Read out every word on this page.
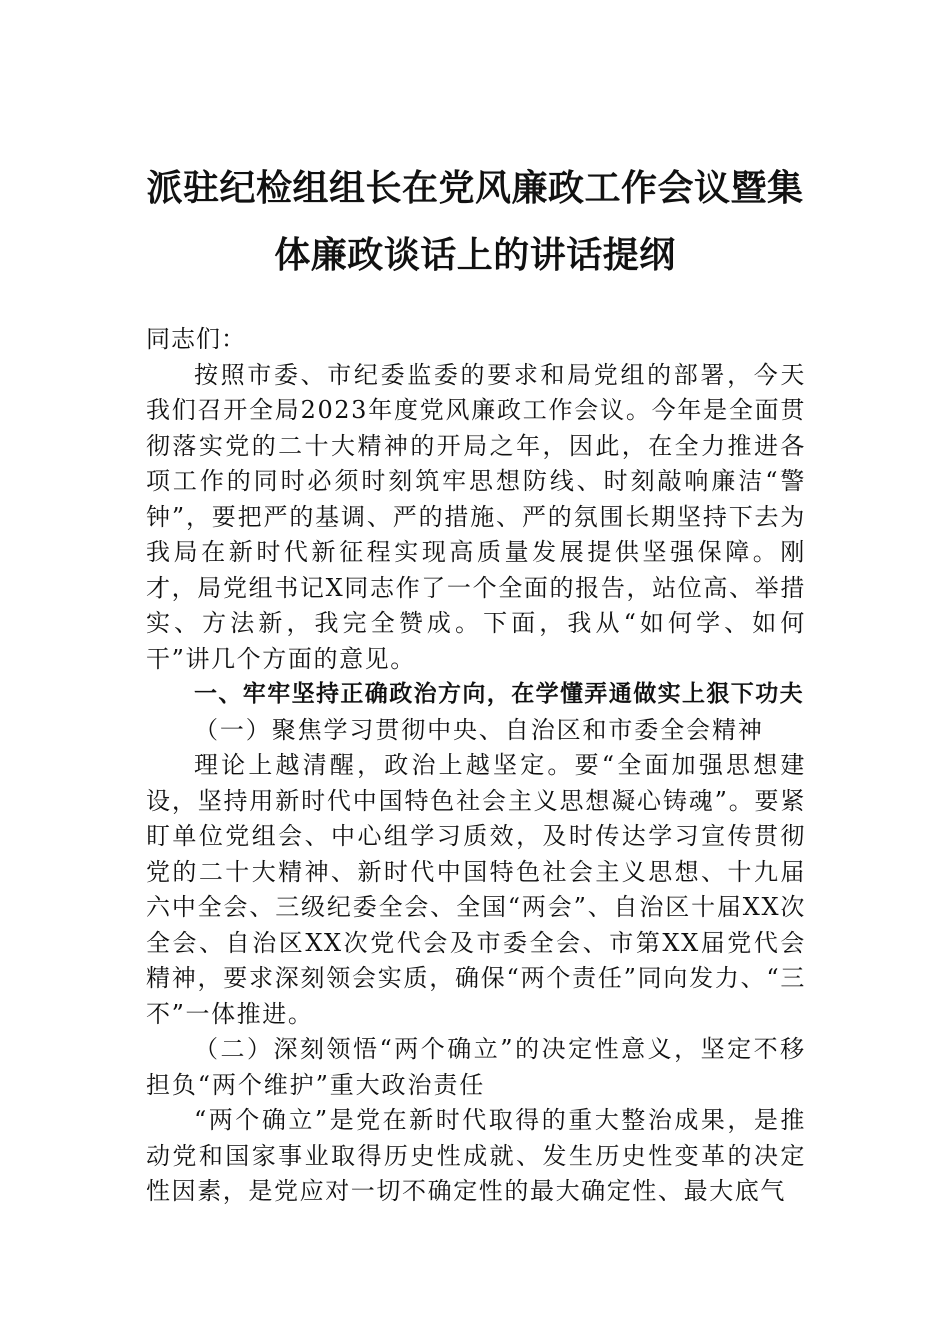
派驻纪检组组长在党风廉政工作会议暨集
体廉政谈话上的讲话提纲

同志们：

按照市委、市纪委监委的要求和局党组的部署，今天我们召开全局2023年度党风廉政工作会议。今年是全面贯彻落实党的二十大精神的开局之年，因此，在全力推进各项工作的同时必须时刻筑牢思想防线、时刻敲响廉洁“警钟”，要把严的基调、严的措施、严的氛围长期坚持下去为我局在新时代新征程实现高质量发展提供坚强保障。刚才，局党组书记X同志作了一个全面的报告，站位高、举措实、方法新，我完全赞成。下面，我从“如何学、如何干”讲几个方面的意见。

一、牢牢坚持正确政治方向，在学懂弄通做实上狠下功夫

（一）聚焦学习贯彻中央、自治区和市委全会精神

理论上越清醒，政治上越坚定。要“全面加强思想建设，坚持用新时代中国特色社会主义思想凝心铸魂”。要紧盯单位党组会、中心组学习质效，及时传达学习宣传贯彻党的二十大精神、新时代中国特色社会主义思想、十九届六中全会、三级纪委全会、全国“两会”、自治区十届XX次全会、自治区XX次党代会及市委全会、市第XX届党代会精神，要求深刻领会实质，确保“两个责任”同向发力、“三不”一体推进。

（二）深刻领悟“两个确立”的决定性意义，坚定不移担负“两个维护”重大政治责任

“两个确立”是党在新时代取得的重大整治成果，是推动党和国家事业取得历史性成就、发生历史性变革的决定性因素，是党应对一切不确定性的最大确定性、最大底气
